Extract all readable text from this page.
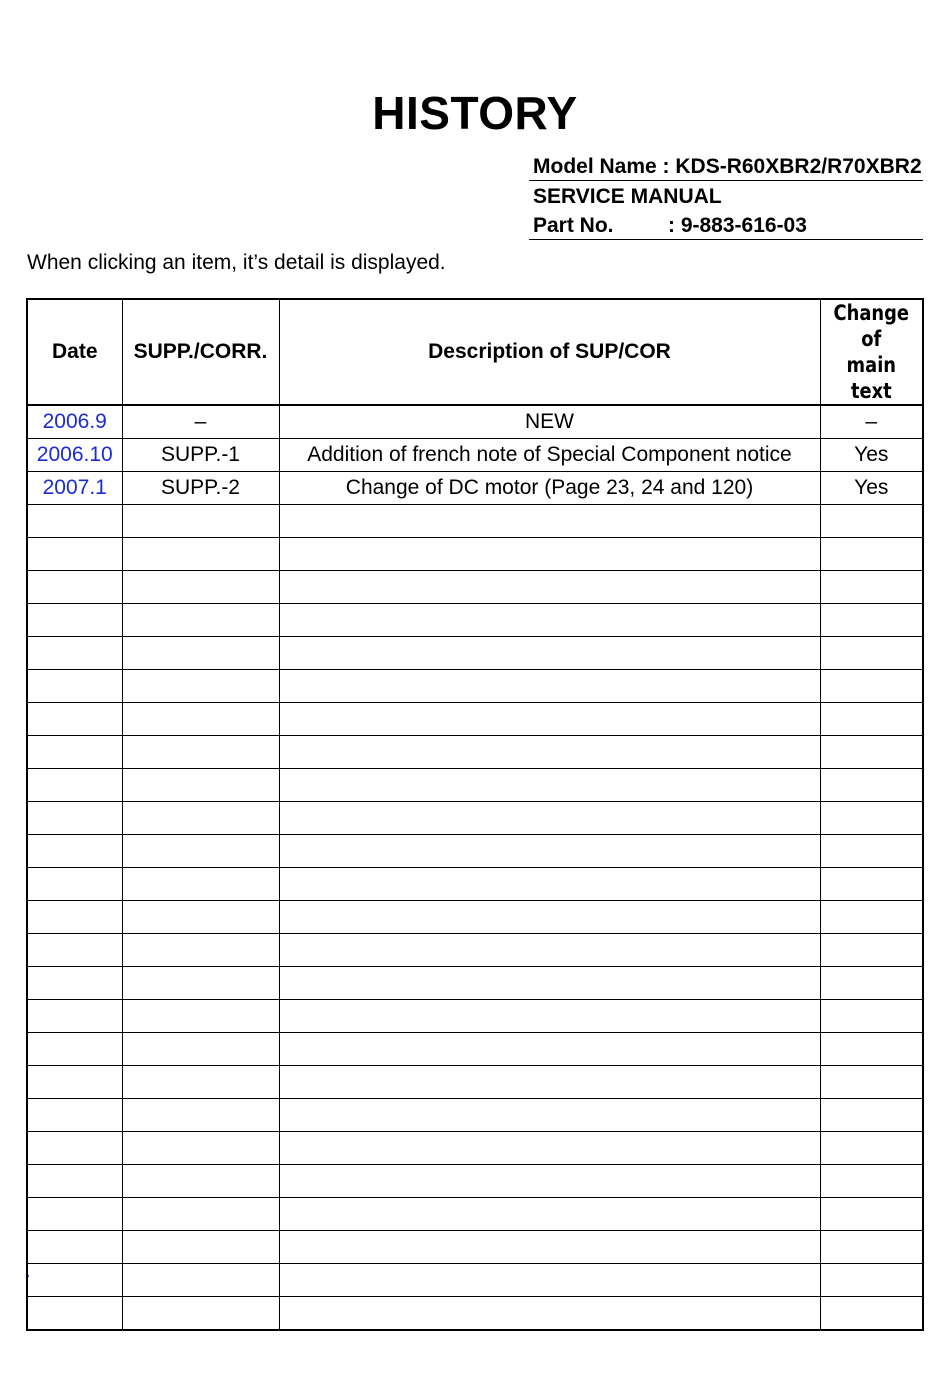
HISTORY
Model Name : KDS-R60XBR2/R70XBR2
SERVICE MANUAL
Part No.	: 9-883-616-03
When clicking an item, it’s detail is displayed.
Date	SUPP./CORR.	Description of SUP/COR	Change of
main text

2006.9	–	NEW	–
2006.10	SUPP.-1	Addition of french note of Special Component notice	Yes
2007.1	SUPP.-2	Change of DC motor (Page 23, 24 and 120)	Yes

,
